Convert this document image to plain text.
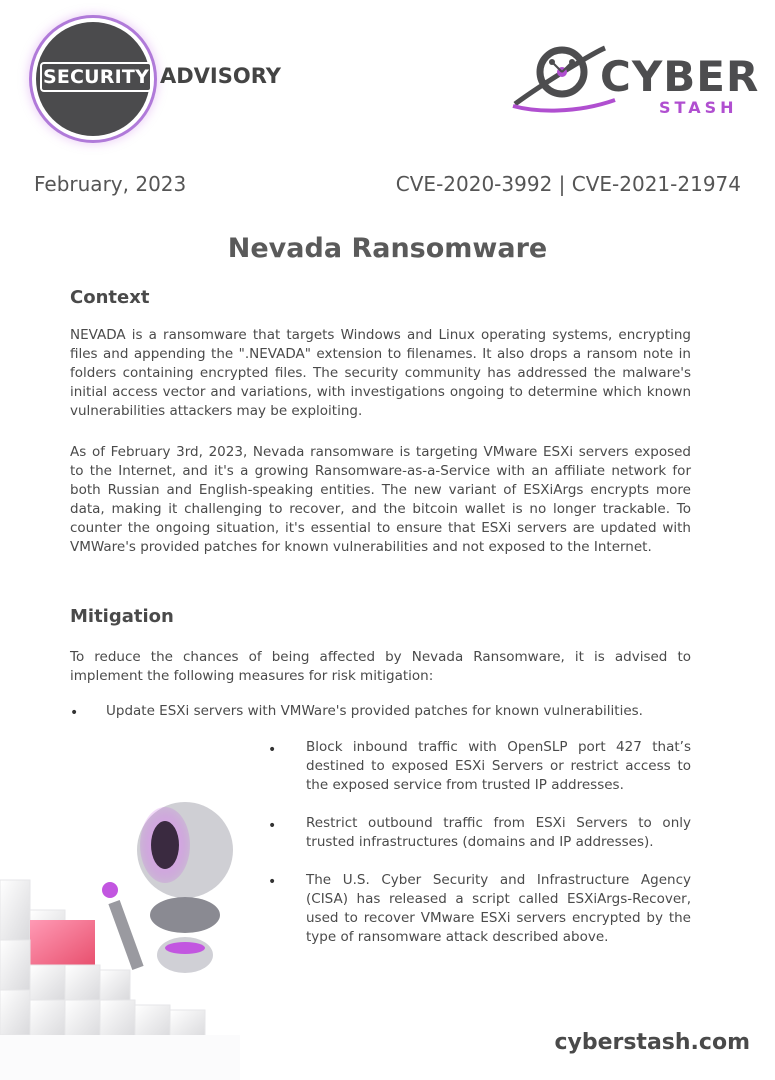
SECURITY ADVISORY	CYBER
STASH
February, 2023	CVE-2020-3992 | CVE-2021-21974
Nevada Ransomware
Context

NEVADA is a ransomware that targets Windows and Linux operating systems, encrypting files and appending the ".NEVADA" extension to filenames. It also drops a ransom note in folders containing encrypted files. The security community has addressed the malware's initial access vector and variations, with investigations ongoing to determine which known vulnerabilities attackers may be exploiting.

As of February 3rd, 2023, Nevada ransomware is targeting VMware ESXi servers exposed to the Internet, and it's a growing Ransomware-as-a-Service with an affiliate network for both Russian and English-speaking entities. The new variant of ESXiArgs encrypts more data, making it challenging to recover, and the bitcoin wallet is no longer trackable. To counter the ongoing situation, it's essential to ensure that ESXi servers are updated with VMWare's provided patches for known vulnerabilities and not exposed to the Internet.

Mitigation

To reduce the chances of being affected by Nevada Ransomware, it is advised to implement the following measures for risk mitigation:

• Update ESXi servers with VMWare's provided patches for known vulnerabilities.
• Block inbound traffic with OpenSLP port 427 that’s destined to exposed ESXi Servers or restrict access to the exposed service from trusted IP addresses.
• Restrict outbound traffic from ESXi Servers to only trusted infrastructures (domains and IP addresses).
• The U.S. Cyber Security and Infrastructure Agency (CISA) has released a script called ESXiArgs-Recover, used to recover VMware ESXi servers encrypted by the type of ransomware attack described above.
cyberstash.com
